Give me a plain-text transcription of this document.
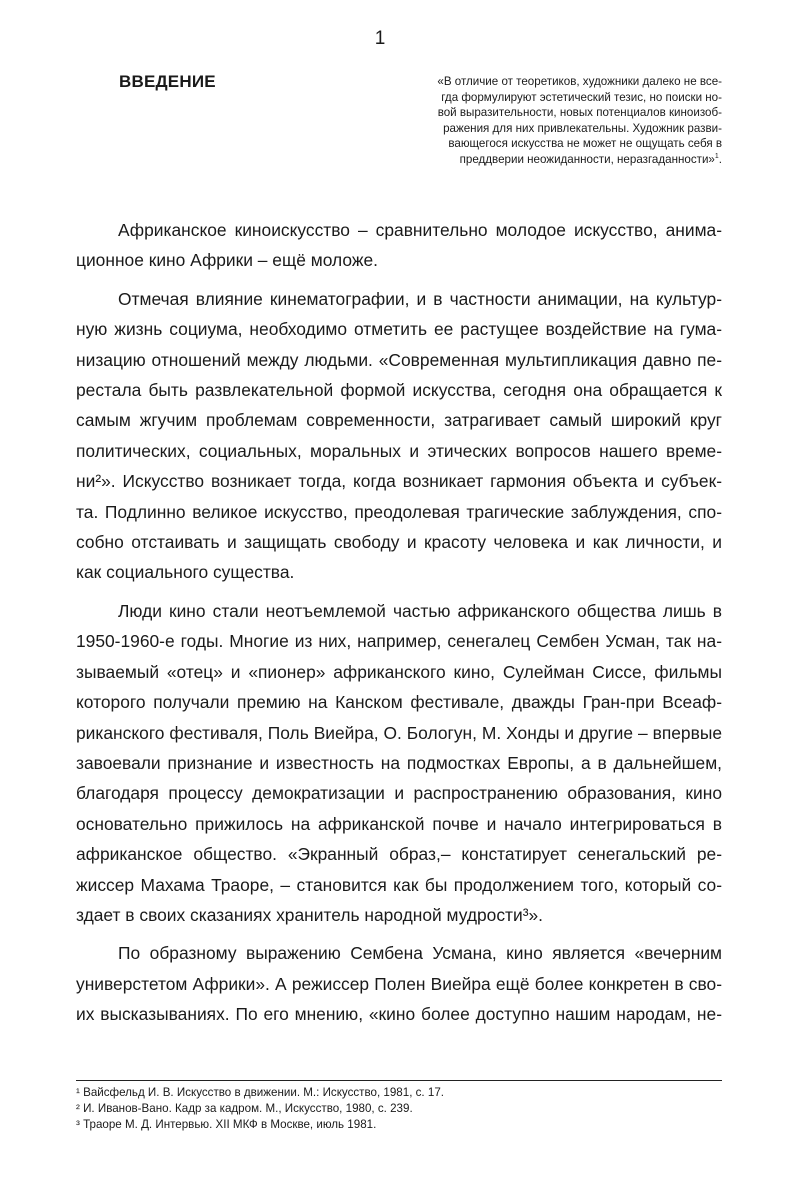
1
ВВЕДЕНИЕ	«В отличие от теоретиков, художники далеко не все-
гда формулируют эстетический тезис, но поиски но-
вой выразительности, новых потенциалов киноизоб-
ражения для них привлекательны. Художник разви-
вающегося искусства не может не ощущать себя в
преддверии неожиданности, неразгаданности»$^1$.
Африканское киноискусство – сравнительно молодое искусство, анима-
ционное кино Африки – ещё моложе.
Отмечая влияние кинематографии, и в частности анимации, на культур-
ную жизнь социума, необходимо отметить ее растущее воздействие на гума-
низацию отношений между людьми. «Современная мультипликация давно пе-
рестала быть развлекательной формой искусства, сегодня она обращается к
самым жгучим проблемам современности, затрагивает самый широкий круг
политических, социальных, моральных и этических вопросов нашего време-
ни²». Искусство возникает тогда, когда возникает гармония объекта и субъек-
та. Подлинно великое искусство, преодолевая трагические заблуждения, спо-
собно отстаивать и защищать свободу и красоту человека и как личности, и
как социального существа.
Люди кино стали неотъемлемой частью африканского общества лишь в
1950-1960-е годы. Многие из них, например, сенегалец Сембен Усман, так на-
зываемый «отец» и «пионер» африканского кино, Сулейман Сиссе, фильмы
которого получали премию на Канском фестивале, дважды Гран-при Всеаф-
риканского фестиваля, Поль Виейра, О. Бологун, М. Хонды и другие – впервые
завоевали признание и известность на подмостках Европы, а в дальнейшем,
благодаря процессу демократизации и распространению образования, кино
основательно прижилось на африканской почве и начало интегрироваться в
африканское общество. «Экранный образ,– констатирует сенегальский ре-
жиссер Махама Траоре, – становится как бы продолжением того, который со-
здает в своих сказаниях хранитель народной мудрости³».
По образному выражению Сембена Усмана, кино является «вечерним
универстетом Африки». А режиссер Полен Виейра ещё более конкретен в сво-
их высказываниях. По его мнению, «кино более доступно нашим народам, не-
¹ Вайсфельд И. В. Искусство в движении. М.: Искусство, 1981, с. 17.
² И. Иванов-Вано. Кадр за кадром. М., Искусство, 1980, с. 239.
³ Траоре М. Д. Интервью. XII МКФ в Москве, июль 1981.
